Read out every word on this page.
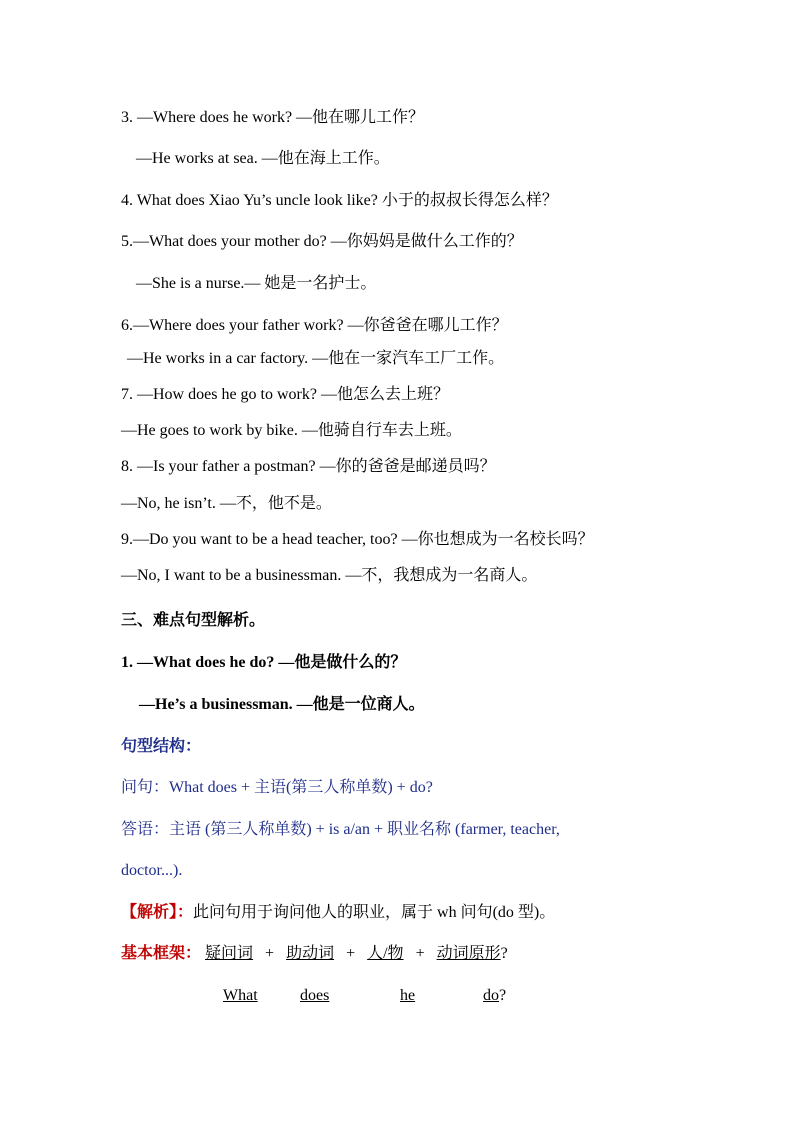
3. —Where does he work? —他在哪儿工作？
—He works at sea. —他在海上工作。
4. What does Xiao Yu’s uncle look like? 小于的叔叔长得怎么样？
5.—What does your mother do? —你妈妈是做什么工作的？
—She is a nurse.— 她是一名护士。
6.—Where does your father work? —你爸爸在哪儿工作？
—He works in a car factory. —他在一家汽车工厂工作。
7. —How does he go to work? —他怎么去上班？
—He goes to work by bike. —他骑自行车去上班。
8. —Is your father a postman? —你的爸爸是邮递员吗？
—No, he isn’t. —不，他不是。
9.—Do you want to be a head teacher, too? —你也想成为一名校长吗？
—No, I want to be a businessman. —不，我想成为一名商人。
三、难点句型解析。
1. —What does he do? —他是做什么的？
—He’s a businessman. —他是一位商人。
句型结构：
问句：What does + 主语(第三人称单数) + do?
答语：主语 (第三人称单数) + is a/an + 职业名称 (farmer, teacher,
doctor...).
【解析】：此问句用于询问他人的职业，属于 wh 问句(do 型)。
基本框架： 疑问词 + 助动词 + 人/物 + 动词原形?
What	does	he	do?
